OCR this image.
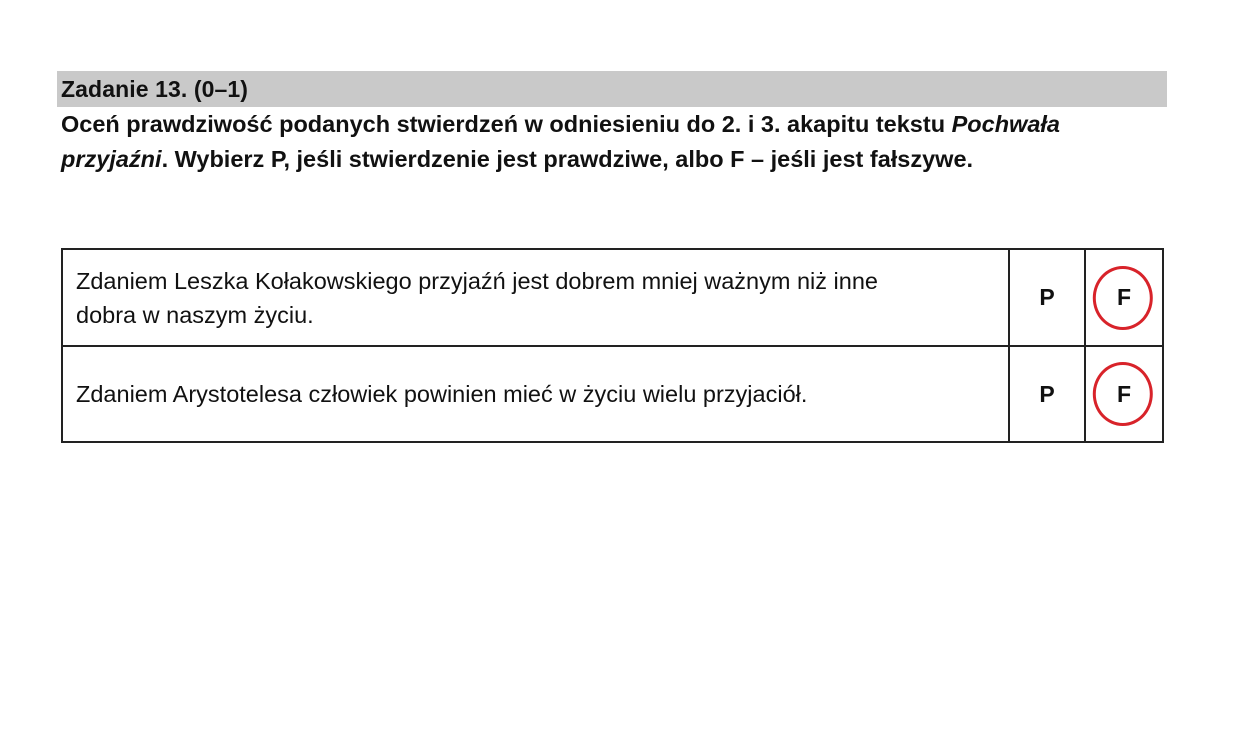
Zadanie 13. (0–1)
Oceń prawdziwość podanych stwierdzeń w odniesieniu do 2. i 3. akapitu tekstu Pochwała przyjaźni. Wybierz P, jeśli stwierdzenie jest prawdziwe, albo F – jeśli jest fałszywe.
Zdaniem Leszka Kołakowskiego przyjaźń jest dobrem mniej ważnym niż inne dobra w naszym życiu.	P	F

Zdaniem Arystotelesa człowiek powinien mieć w życiu wielu przyjaciół.	P	F
